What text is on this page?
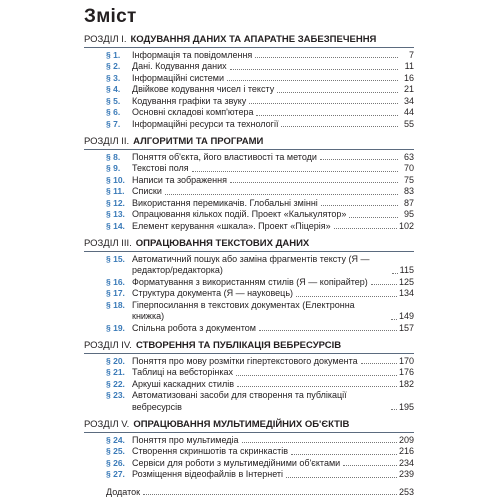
Зміст
РОЗДІЛ I. КОДУВАННЯ ДАНИХ ТА АПАРАТНЕ ЗАБЕЗПЕЧЕННЯ
§ 1.	Інформація та повідомлення	7
§ 2.	Дані. Кодування даних	11
§ 3.	Інформаційні системи	16
§ 4.	Двійкове кодування чисел і тексту	21
§ 5.	Кодування графіки та звуку	34
§ 6.	Основні складові комп'ютера	44
§ 7.	Інформаційні ресурси та технології	55
РОЗДІЛ II. АЛГОРИТМИ ТА ПРОГРАМИ
§ 8.	Поняття об'єкта, його властивості та методи	63
§ 9.	Текстові поля	70
§ 10. Написи та зображення	75
§ 11. Списки	83
§ 12. Використання перемикачів. Глобальні змінні	87
§ 13. Опрацювання кількох подій. Проект «Калькулятор»	95
§ 14. Елемент керування «шкала». Проект «Піцерія»	102
РОЗДІЛ III. ОПРАЦЮВАННЯ ТЕКСТОВИХ ДАНИХ
§ 15. Автоматичний пошук або заміна фрагментів тексту (Я — редактор/редакторка)	115
§ 16. Форматування з використанням стилів (Я — копірайтер)	125
§ 17. Структура документа (Я — науковець)	134
§ 18. Гіперпосилання в текстових документах (Електронна книжка)	149
§ 19. Спільна робота з документом	157
РОЗДІЛ IV. СТВОРЕННЯ ТА ПУБЛІКАЦІЯ ВЕБРЕСУРСІВ
§ 20. Поняття про мову розмітки гіпертекстового документа	170
§ 21. Таблиці на вебсторінках	176
§ 22. Аркуші каскадних стилів	182
§ 23. Автоматизовані засоби для створення та публікації вебресурсів	195
РОЗДІЛ V. ОПРАЦЮВАННЯ МУЛЬТИМЕДІЙНИХ ОБ'ЄКТІВ
§ 24. Поняття про мультимедіа	209
§ 25. Створення скриншотів та скринкастів	216
§ 26. Сервіси для роботи з мультимедійними об'єктами	234
§ 27. Розміщення відеофайлів в Інтернеті	239
Додаток	253
